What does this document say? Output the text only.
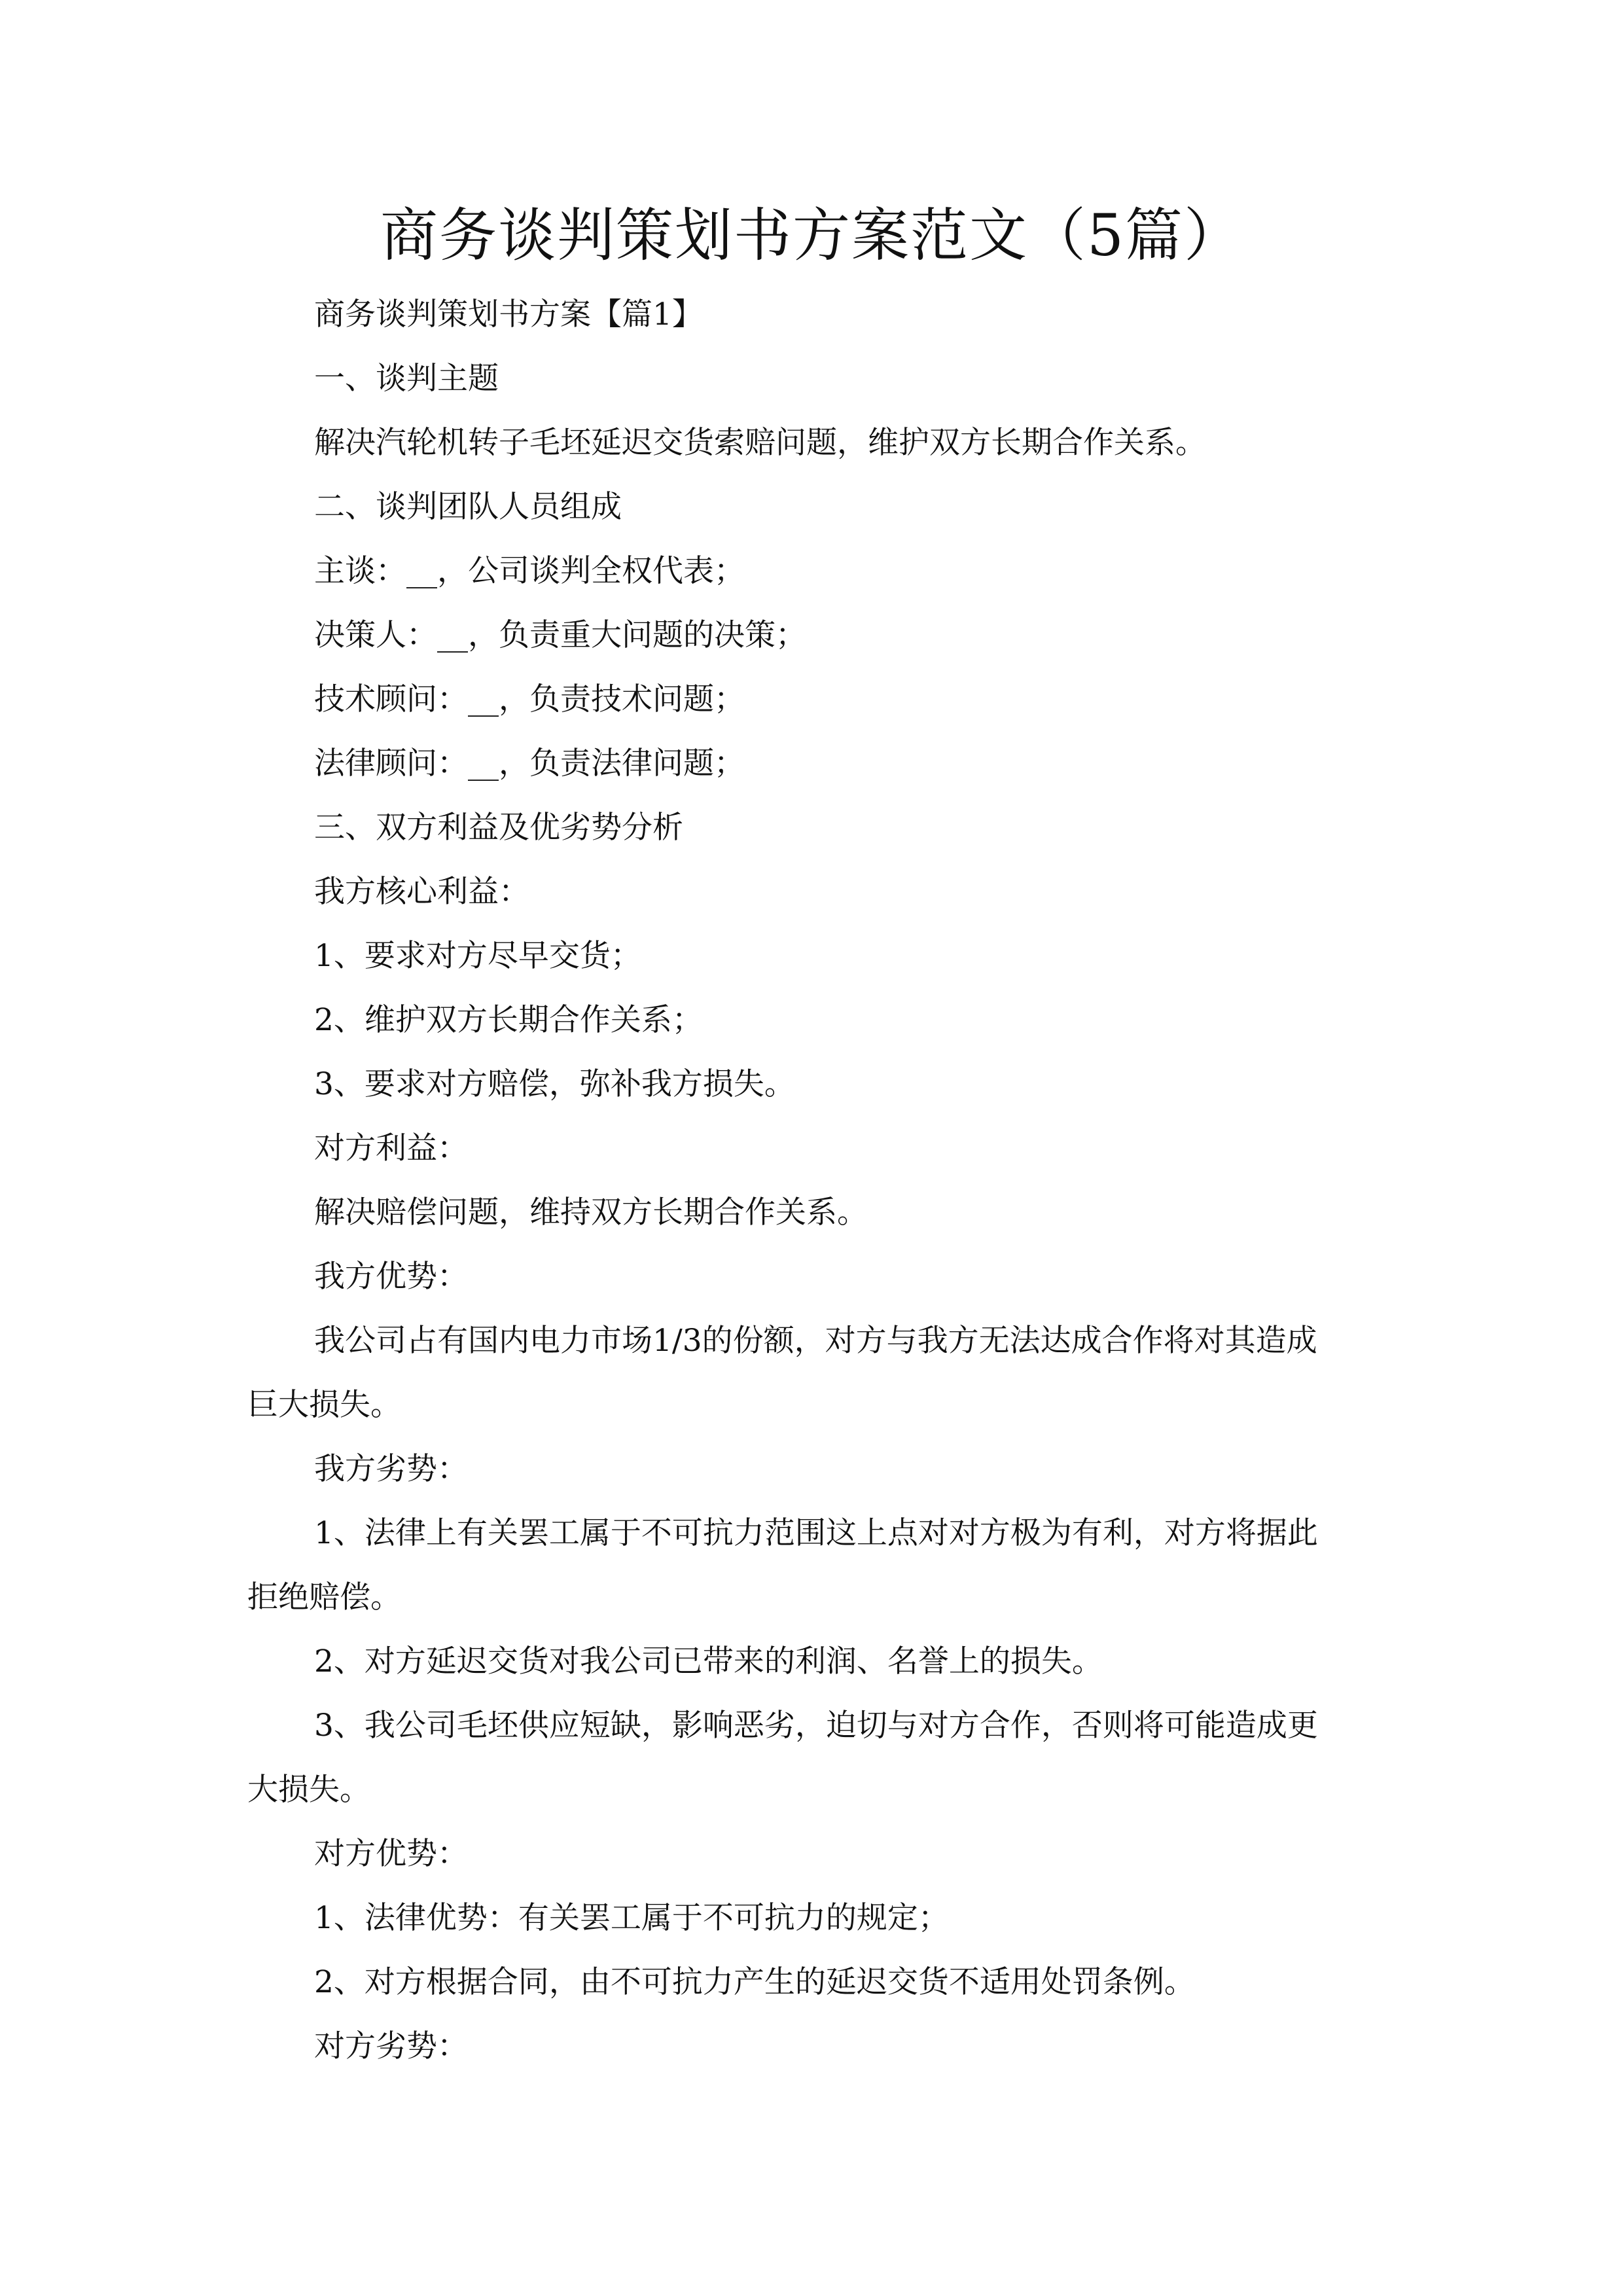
商务谈判策划书方案范文（5篇）
商务谈判策划书方案【篇1】
一、谈判主题
解决汽轮机转子毛坯延迟交货索赔问题，维护双方长期合作关系。
二、谈判团队人员组成
主谈：__，公司谈判全权代表；
决策人：__，负责重大问题的决策；
技术顾问：__，负责技术问题；
法律顾问：__，负责法律问题；
三、双方利益及优劣势分析
我方核心利益：
1、要求对方尽早交货；
2、维护双方长期合作关系；
3、要求对方赔偿，弥补我方损失。
对方利益：
解决赔偿问题，维持双方长期合作关系。
我方优势：
我公司占有国内电力市场1/3的份额，对方与我方无法达成合作将对其造成
巨大损失。
我方劣势：
1、法律上有关罢工属于不可抗力范围这上点对对方极为有利，对方将据此
拒绝赔偿。
2、对方延迟交货对我公司已带来的利润、名誉上的损失。
3、我公司毛坯供应短缺，影响恶劣，迫切与对方合作，否则将可能造成更
大损失。
对方优势：
1、法律优势：有关罢工属于不可抗力的规定；
2、对方根据合同，由不可抗力产生的延迟交货不适用处罚条例。
对方劣势：
